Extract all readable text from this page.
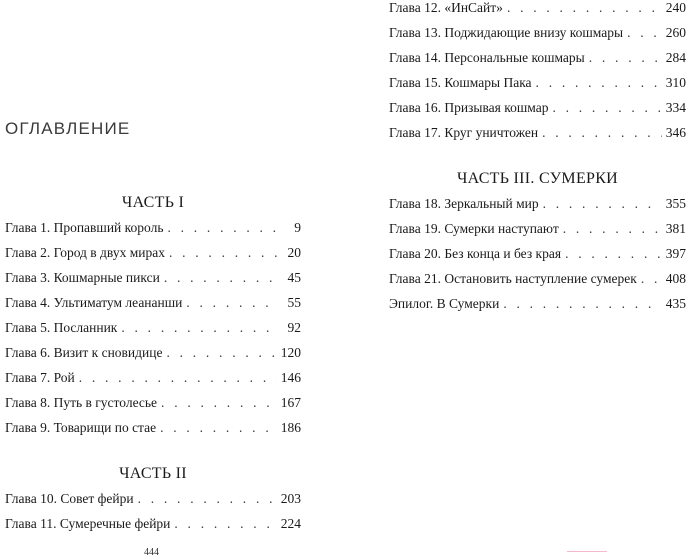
ОГЛАВЛЕНИЕ
ЧАСТЬ I
Глава 1. Пропавший король . . .	9
Глава 2. Город в двух мирах . . .	20
Глава 3. Кошмарные пикси . . .	45
Глава 4. Ультиматум леананши . . .	55
Глава 5. Посланник . . .	92
Глава 6. Визит к сновидице . . .	120
Глава 7. Рой . . .	146
Глава 8. Путь в густолесье . . .	167
Глава 9. Товарищи по стае . . .	186
ЧАСТЬ II
Глава 10. Совет фейри . . .	203
Глава 11. Сумеречные фейри . . .	224
Глава 12. «ИнСайт» . . .	240
Глава 13. Поджидающие внизу кошмары . . .	260
Глава 14. Персональные кошмары . . .	284
Глава 15. Кошмары Пака . . .	310
Глава 16. Призывая кошмар . . .	334
Глава 17. Круг уничтожен . . .	346
ЧАСТЬ III. СУМЕРКИ
Глава 18. Зеркальный мир . . .	355
Глава 19. Сумерки наступают . . .	381
Глава 20. Без конца и без края . . .	397
Глава 21. Остановить наступление сумерек . . . 408
Эпилог. В Сумерки . . .	435
444
